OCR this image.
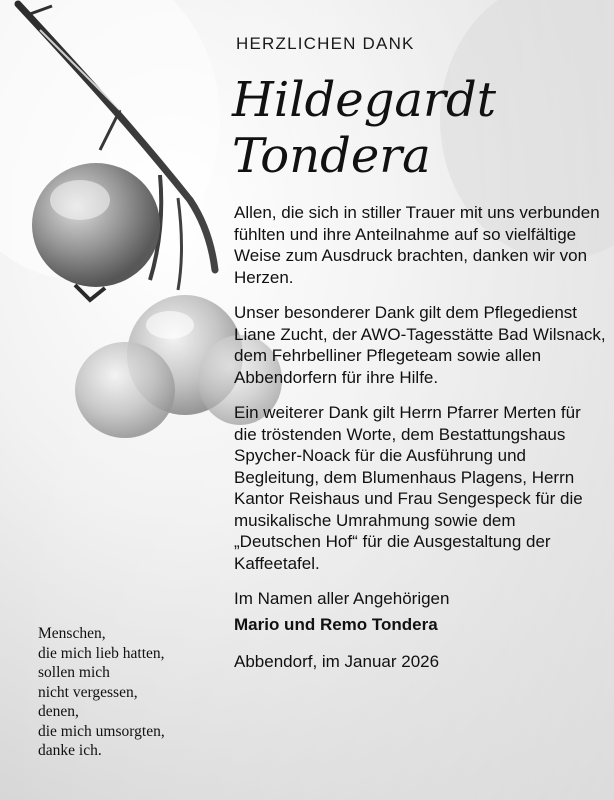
HERZLICHEN DANK
Hildegardt
Tondera

Allen, die sich in stiller Trauer mit uns verbunden fühlten und ihre Anteilnahme auf so vielfältige Weise zum Ausdruck brachten, danken wir von Herzen.

Unser besonderer Dank gilt dem Pflegedienst Liane Zucht, der AWO-Tagesstätte Bad Wilsnack, dem Fehrbelliner Pflegeteam sowie allen Abbendorfern für ihre Hilfe.

Ein weiterer Dank gilt Herrn Pfarrer Merten für die tröstenden Worte, dem Bestattungshaus Spycher-Noack für die Ausführung und Begleitung, dem Blumenhaus Plagens, Herrn Kantor Reishaus und Frau Sengespeck für die musikalische Umrahmung sowie dem „Deutschen Hof“ für die Ausgestaltung der Kaffeetafel.

Im Namen aller Angehörigen

Mario und Remo Tondera

Abbendorf, im Januar 2026

Menschen,
die mich lieb hatten,
sollen mich
nicht vergessen,
denen,
die mich umsorgten,
danke ich.
